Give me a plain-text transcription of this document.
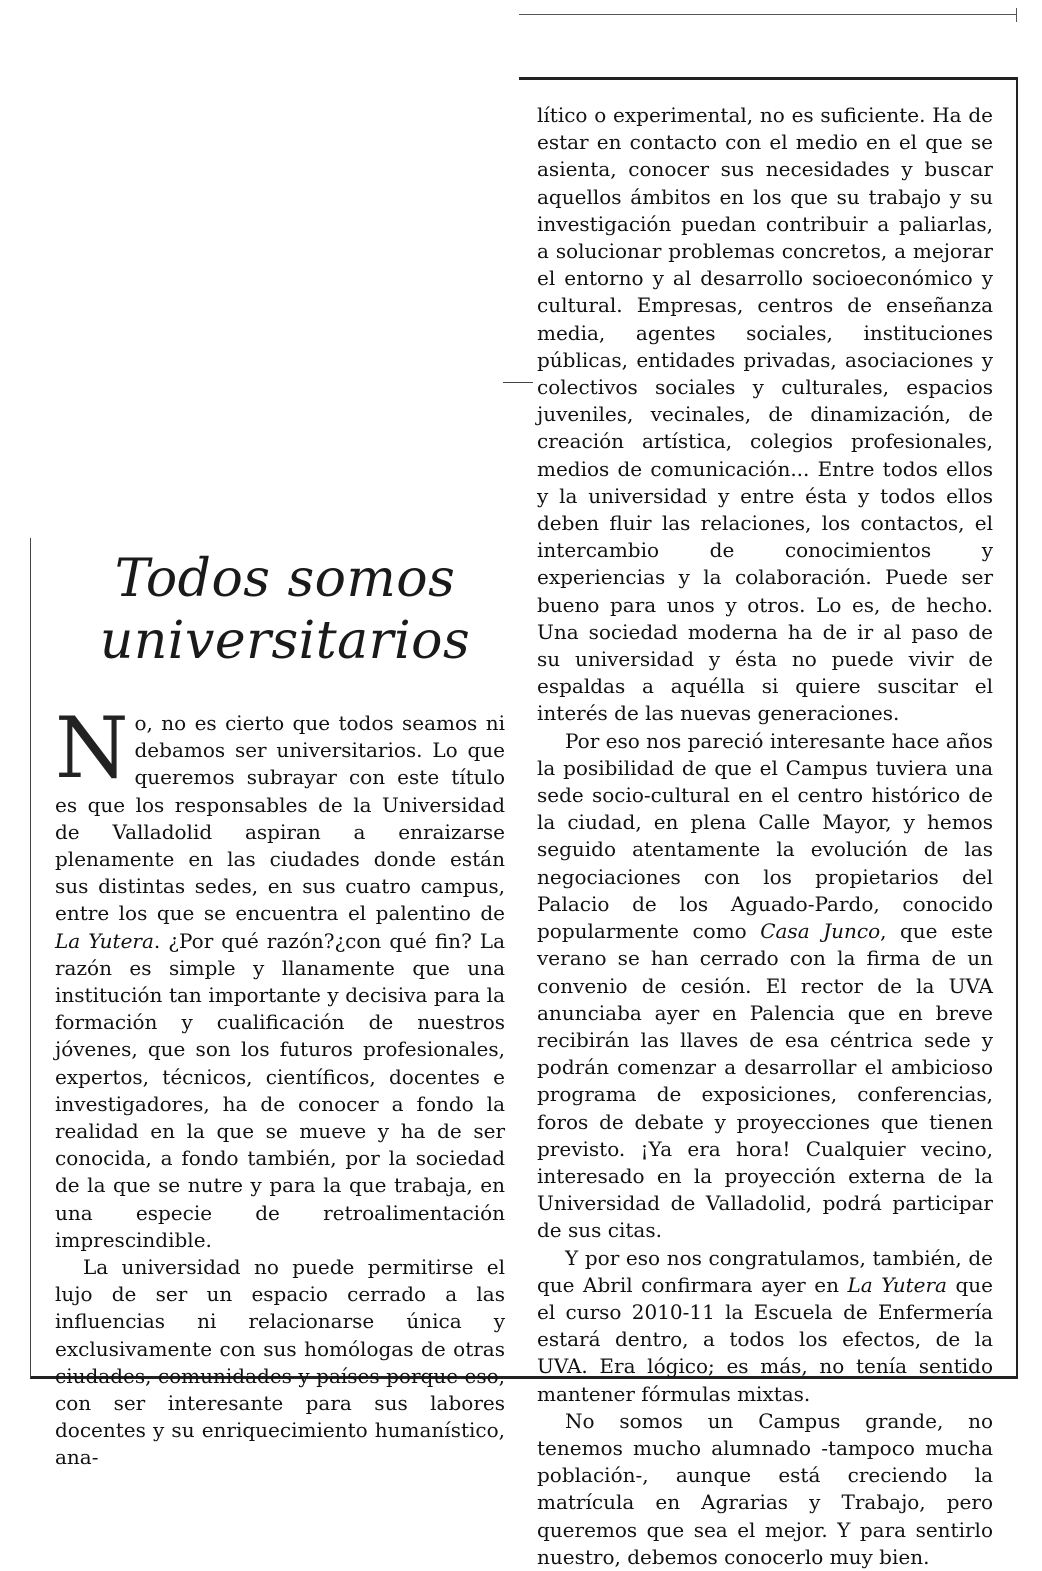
Todos somos
universitarios

No, no es cierto que todos seamos ni debamos ser universitarios. Lo que queremos subrayar con este título es que los responsables de la Universidad de Valladolid aspiran a enraizarse plenamente en las ciudades donde están sus distintas sedes, en sus cuatro campus, entre los que se encuentra el palentino de La Yutera. ¿Por qué razón?¿con qué fin? La razón es simple y llanamente que una institución tan importante y decisiva para la formación y cualificación de nuestros jóvenes, que son los futuros profesionales, expertos, técnicos, científicos, docentes e investigadores, ha de conocer a fondo la realidad en la que se mueve y ha de ser conocida, a fondo también, por la sociedad de la que se nutre y para la que trabaja, en una especie de retroalimentación imprescindible.

La universidad no puede permitirse el lujo de ser un espacio cerrado a las influencias ni relacionarse única y exclusivamente con sus homólogas de otras ciudades, comunidades y países porque eso, con ser interesante para sus labores docentes y su enriquecimiento humanístico, ana-

lítico o experimental, no es suficiente. Ha de estar en contacto con el medio en el que se asienta, conocer sus necesidades y buscar aquellos ámbitos en los que su trabajo y su investigación puedan contribuir a paliarlas, a solucionar problemas concretos, a mejorar el entorno y al desarrollo socioeconómico y cultural. Empresas, centros de enseñanza media, agentes sociales, instituciones públicas, entidades privadas, asociaciones y colectivos sociales y culturales, espacios juveniles, vecinales, de dinamización, de creación artística, colegios profesionales, medios de comunicación... Entre todos ellos y la universidad y entre ésta y todos ellos deben fluir las relaciones, los contactos, el intercambio de conocimientos y experiencias y la colaboración. Puede ser bueno para unos y otros. Lo es, de hecho. Una sociedad moderna ha de ir al paso de su universidad y ésta no puede vivir de espaldas a aquélla si quiere suscitar el interés de las nuevas generaciones.

Por eso nos pareció interesante hace años la posibilidad de que el Campus tuviera una sede socio-cultural en el centro histórico de la ciudad, en plena Calle Mayor, y hemos seguido atentamente la evolución de las negociaciones con los propietarios del Palacio de los Aguado-Pardo, conocido popularmente como Casa Junco, que este verano se han cerrado con la firma de un convenio de cesión. El rector de la UVA anunciaba ayer en Palencia que en breve recibirán las llaves de esa céntrica sede y podrán comenzar a desarrollar el ambicioso programa de exposiciones, conferencias, foros de debate y proyecciones que tienen previsto. ¡Ya era hora! Cualquier vecino, interesado en la proyección externa de la Universidad de Valladolid, podrá participar de sus citas.

Y por eso nos congratulamos, también, de que Abril confirmara ayer en La Yutera que el curso 2010-11 la Escuela de Enfermería estará dentro, a todos los efectos, de la UVA. Era lógico; es más, no tenía sentido mantener fórmulas mixtas.

No somos un Campus grande, no tenemos mucho alumnado -tampoco mucha población-, aunque está creciendo la matrícula en Agrarias y Trabajo, pero queremos que sea el mejor. Y para sentirlo nuestro, debemos conocerlo muy bien.
